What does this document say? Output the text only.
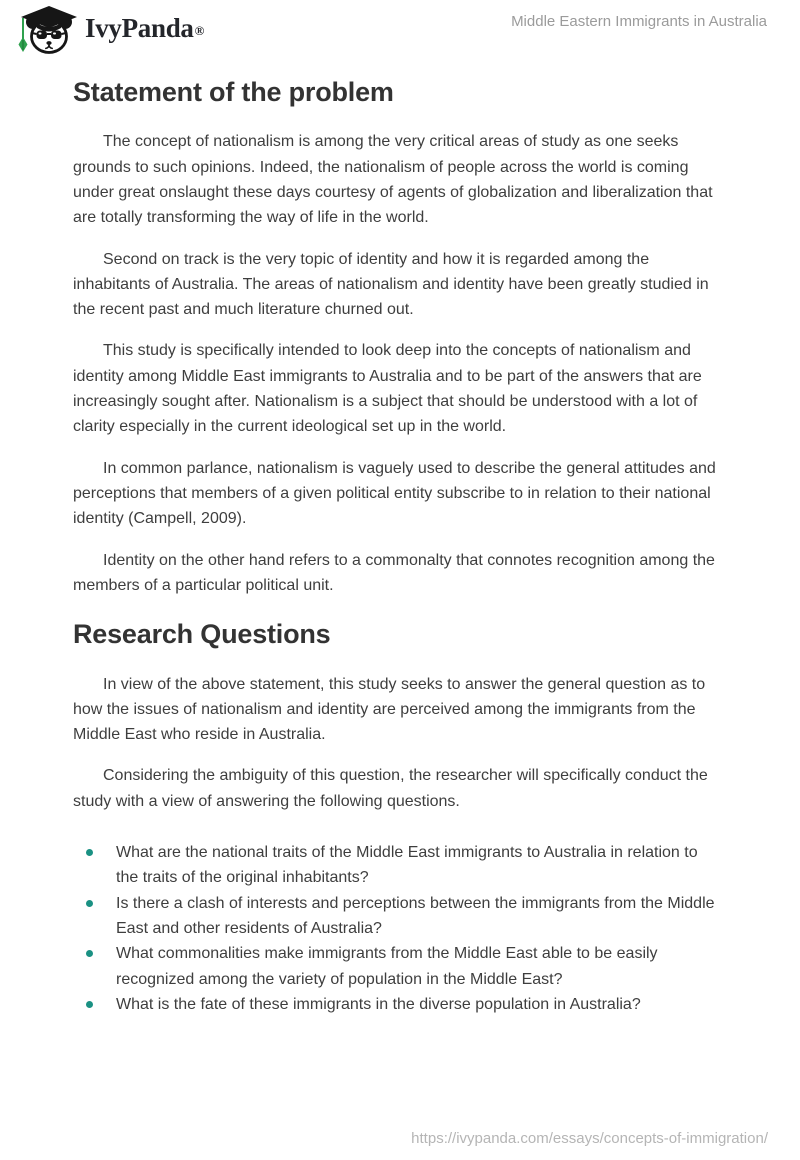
IvyPanda ®
Middle Eastern Immigrants in Australia
Statement of the problem

The concept of nationalism is among the very critical areas of study as one seeks grounds to such opinions. Indeed, the nationalism of people across the world is coming under great onslaught these days courtesy of agents of globalization and liberalization that are totally transforming the way of life in the world.

Second on track is the very topic of identity and how it is regarded among the inhabitants of Australia. The areas of nationalism and identity have been greatly studied in the recent past and much literature churned out.

This study is specifically intended to look deep into the concepts of nationalism and identity among Middle East immigrants to Australia and to be part of the answers that are increasingly sought after. Nationalism is a subject that should be understood with a lot of clarity especially in the current ideological set up in the world.

In common parlance, nationalism is vaguely used to describe the general attitudes and perceptions that members of a given political entity subscribe to in relation to their national identity (Campell, 2009).

Identity on the other hand refers to a commonalty that connotes recognition among the members of a particular political unit.

Research Questions

In view of the above statement, this study seeks to answer the general question as to how the issues of nationalism and identity are perceived among the immigrants from the Middle East who reside in Australia.

Considering the ambiguity of this question, the researcher will specifically conduct the study with a view of answering the following questions.

What are the national traits of the Middle East immigrants to Australia in relation to the traits of the original inhabitants?
Is there a clash of interests and perceptions between the immigrants from the Middle East and other residents of Australia?
What commonalities make immigrants from the Middle East able to be easily recognized among the variety of population in the Middle East?
What is the fate of these immigrants in the diverse population in Australia?
https://ivypanda.com/essays/concepts-of-immigration/
